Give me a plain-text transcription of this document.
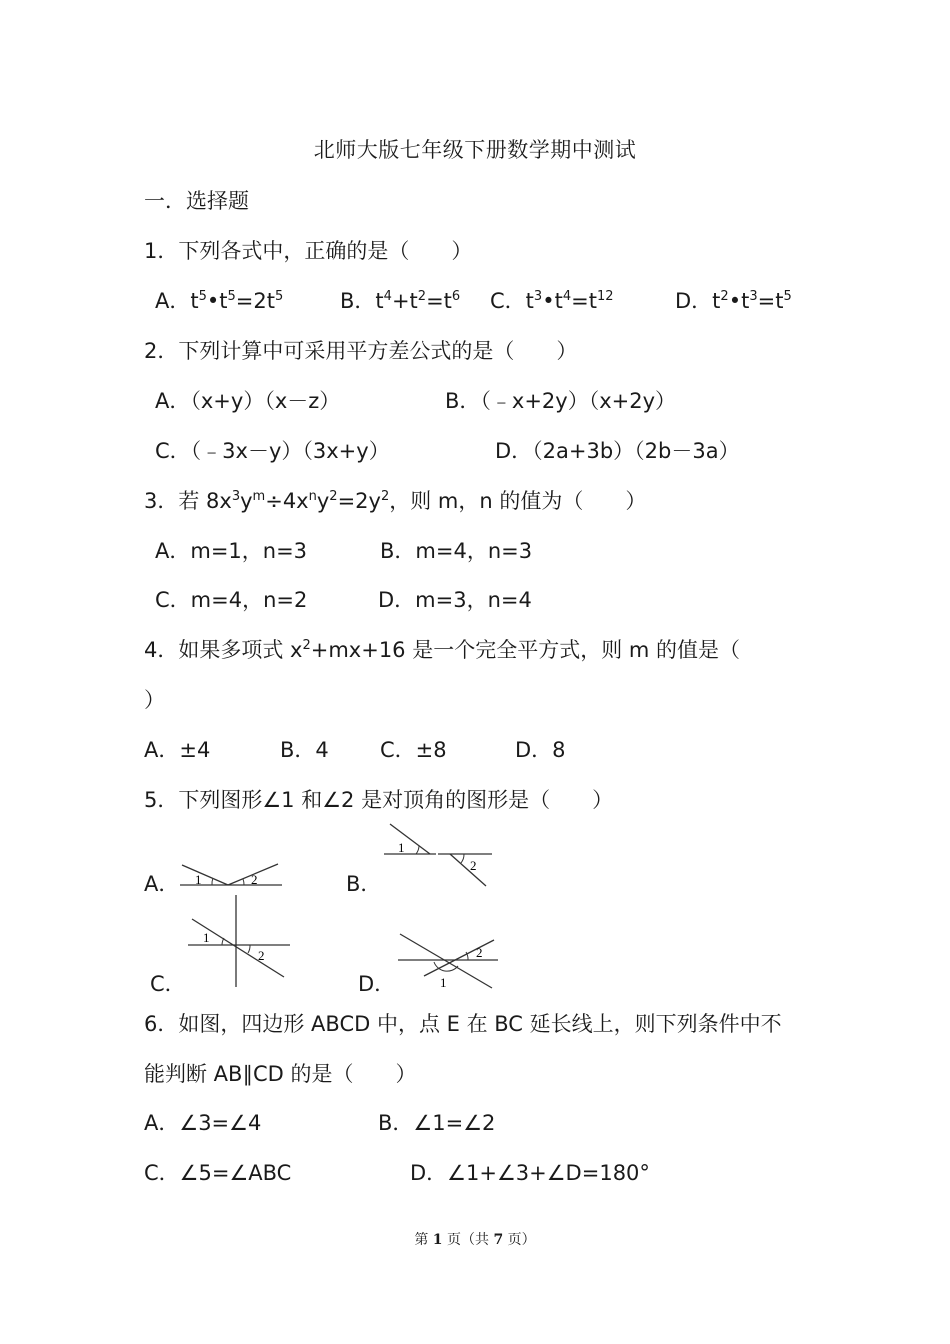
北师大版七年级下册数学期中测试
一．选择题
1．下列各式中，正确的是（　　）
A．$t^5•t^5=2t^5$	B．$t^4+t^2=t^6$ C．$t^3•t^4=t^{12}$	D．$t^2•t^3=t^5$
2．下列计算中可采用平方差公式的是（　　）
A．（x+y）（x－z）	B．（﹣x+2y）（x+2y）
C．（﹣3x－y）（3x+y）	D．（2a+3b）（2b－3a）
3．若 $8x^3y^m\div 4x^ny^2=2y^2$，则 m，n 的值为（　　）
A．m=1，n=3	B．m=4，n=3
C．m=4，n=2	D．m=3，n=4
4．如果多项式 $x^2+mx+16$ 是一个完全平方式，则 m 的值是（
）
A．±4	B．4 C．±8	D．8
5．下列图形∠1 和∠2 是对顶角的图形是（　　）
A． 1	2	B．
1
2
C．
1
2
D．	1
2
6．如图，四边形 ABCD 中，点 E 在 BC 延长线上，则下列条件中不
能判断 AB∥CD 的是（　　）
A．∠3=∠4	B．∠1=∠2
C．∠5=∠ABC	D．∠1+∠3+∠D=180°
第 1 页（共 7 页）
